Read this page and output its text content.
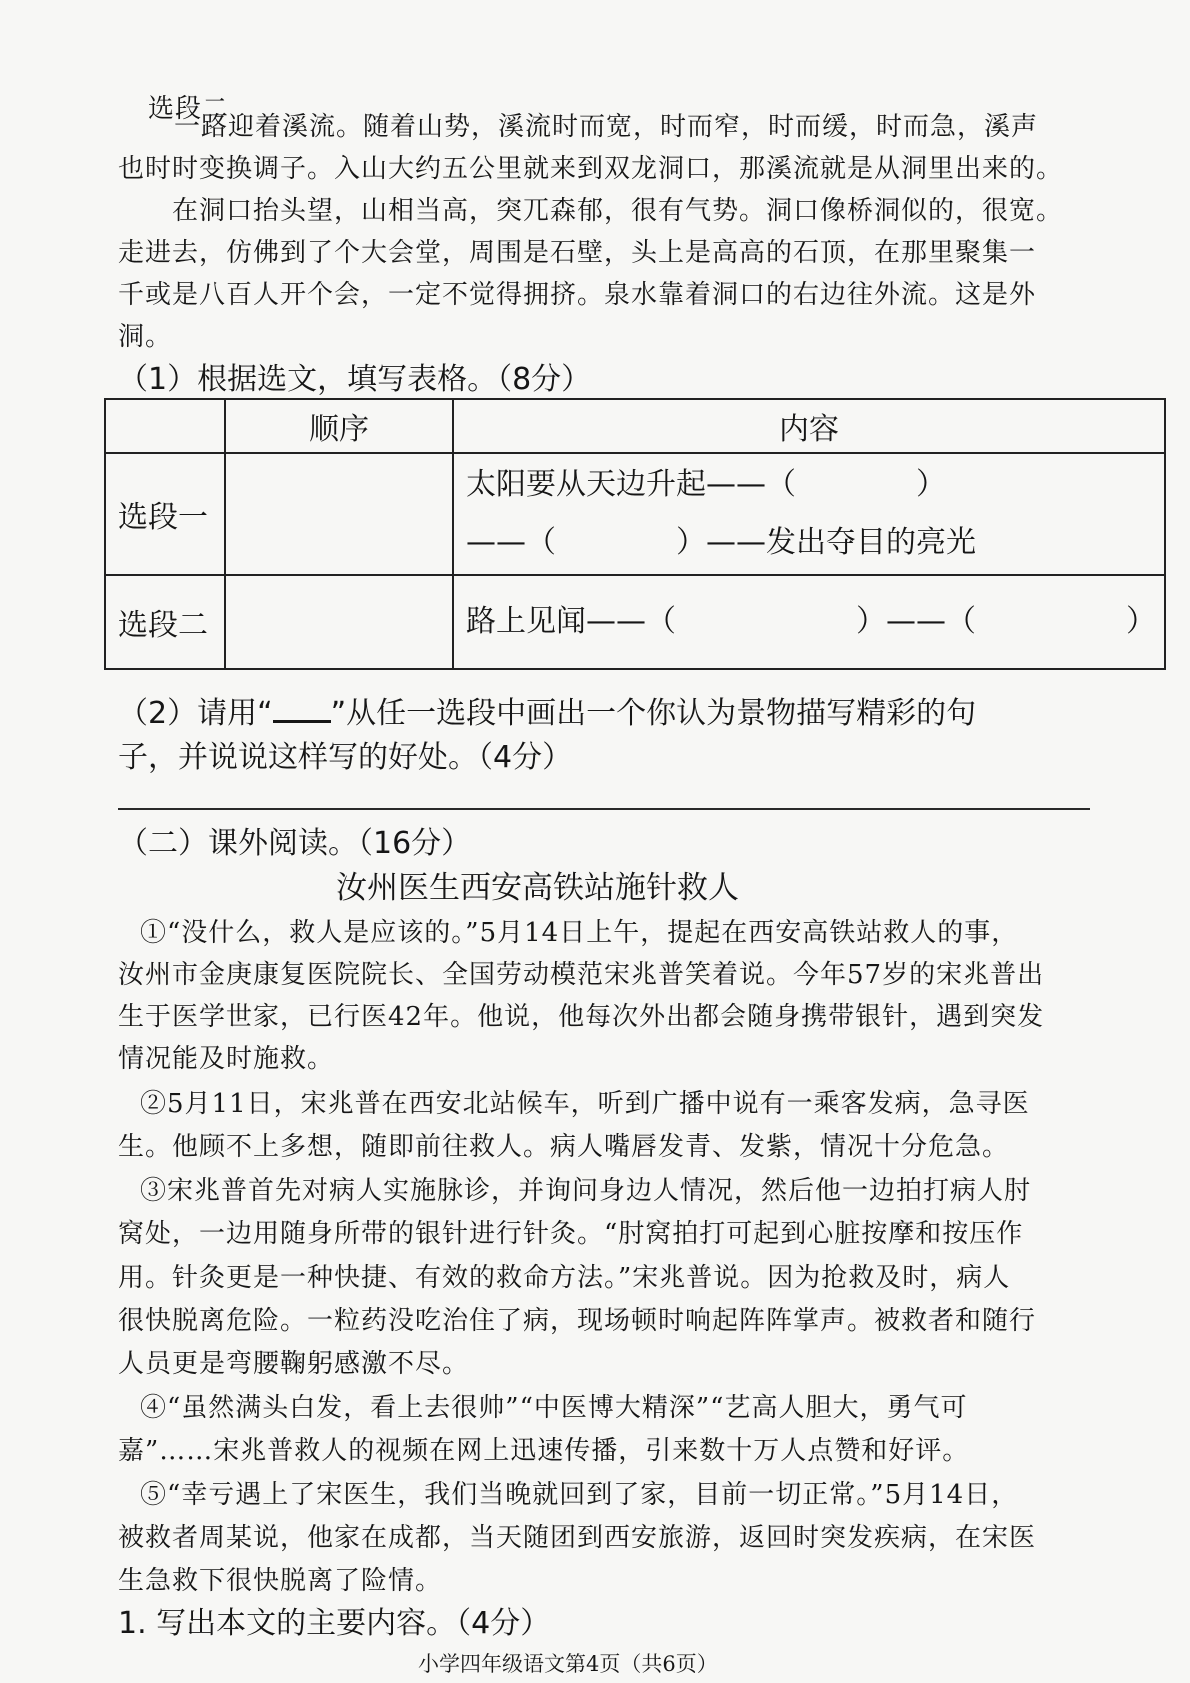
选段二
一路迎着溪流。随着山势，溪流时而宽，时而窄，时而缓，时而急，溪声
也时时变换调子。入山大约五公里就来到双龙洞口，那溪流就是从洞里出来的。
在洞口抬头望，山相当高，突兀森郁，很有气势。洞口像桥洞似的，很宽。
走进去，仿佛到了个大会堂，周围是石壁，头上是高高的石顶，在那里聚集一
千或是八百人开个会，一定不觉得拥挤。泉水靠着洞口的右边往外流。这是外
洞。
（1）根据选文，填写表格。（8分）
	顺序	内容
选段一		太阳要从天边升起——（　　　　）
——（　　　　）——发出夺目的亮光

选段二		路上见闻——（　　　　　　）——（　　　　　）
（2）请用“ ”从任一选段中画出一个你认为景物描写精彩的句
子，并说说这样写的好处。（4分）
（二）课外阅读。（16分）
汝州医生西安高铁站施针救人
①“没什么，救人是应该的。”5月14日上午，提起在西安高铁站救人的事，
汝州市金庚康复医院院长、全国劳动模范宋兆普笑着说。今年57岁的宋兆普出
生于医学世家，已行医42年。他说，他每次外出都会随身携带银针，遇到突发
情况能及时施救。
②5月11日，宋兆普在西安北站候车，听到广播中说有一乘客发病，急寻医
生。他顾不上多想，随即前往救人。病人嘴唇发青、发紫，情况十分危急。
③宋兆普首先对病人实施脉诊，并询问身边人情况，然后他一边拍打病人肘
窝处，一边用随身所带的银针进行针灸。“肘窝拍打可起到心脏按摩和按压作
用。针灸更是一种快捷、有效的救命方法。”宋兆普说。因为抢救及时，病人
很快脱离危险。一粒药没吃治住了病，现场顿时响起阵阵掌声。被救者和随行
人员更是弯腰鞠躬感激不尽。
④“虽然满头白发，看上去很帅”“中医博大精深”“艺高人胆大，勇气可
嘉”……宋兆普救人的视频在网上迅速传播，引来数十万人点赞和好评。
⑤“幸亏遇上了宋医生，我们当晚就回到了家，目前一切正常。”5月14日，
被救者周某说，他家在成都，当天随团到西安旅游，返回时突发疾病，在宋医
生急救下很快脱离了险情。
1. 写出本文的主要内容。（4分）
小学四年级语文第4页（共6页）
